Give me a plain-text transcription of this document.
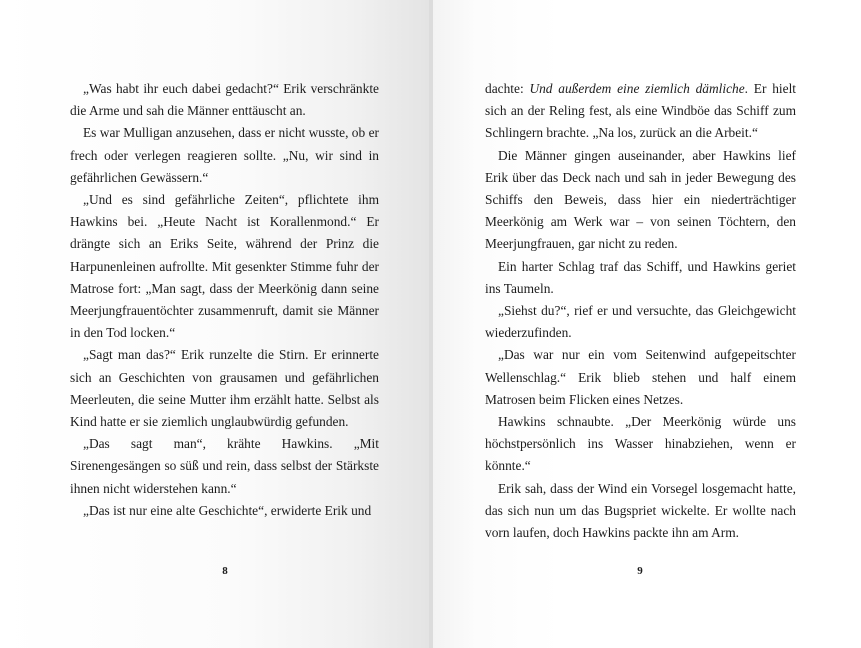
„Was habt ihr euch dabei gedacht?“ Erik verschränkte die Arme und sah die Männer enttäuscht an.

Es war Mulligan anzusehen, dass er nicht wusste, ob er frech oder verlegen reagieren sollte. „Nu, wir sind in gefährlichen Gewässern.“

„Und es sind gefährliche Zeiten“, pflichtete ihm Hawkins bei. „Heute Nacht ist Korallenmond.“ Er drängte sich an Eriks Seite, während der Prinz die Harpunenleinen aufrollte. Mit gesenkter Stimme fuhr der Matrose fort: „Man sagt, dass der Meerkönig dann seine Meerjungfrauentöchter zusammenruft, damit sie Männer in den Tod locken.“

„Sagt man das?“ Erik runzelte die Stirn. Er erinnerte sich an Geschichten von grausamen und gefährlichen Meerleuten, die seine Mutter ihm erzählt hatte. Selbst als Kind hatte er sie ziemlich unglaubwürdig gefunden.

„Das sagt man“, krähte Hawkins. „Mit Sirenengesängen so süß und rein, dass selbst der Stärkste ihnen nicht widerstehen kann.“

„Das ist nur eine alte Geschichte“, erwiderte Erik und

8

dachte: Und außerdem eine ziemlich dämliche. Er hielt sich an der Reling fest, als eine Windböe das Schiff zum Schlingern brachte. „Na los, zurück an die Arbeit.“

Die Männer gingen auseinander, aber Hawkins lief Erik über das Deck nach und sah in jeder Bewegung des Schiffs den Beweis, dass hier ein niederträchtiger Meerkönig am Werk war – von seinen Töchtern, den Meerjungfrauen, gar nicht zu reden.

Ein harter Schlag traf das Schiff, und Hawkins geriet ins Taumeln.

„Siehst du?“, rief er und versuchte, das Gleichgewicht wiederzufinden.

„Das war nur ein vom Seitenwind aufgepeitschter Wellenschlag.“ Erik blieb stehen und half einem Matrosen beim Flicken eines Netzes.

Hawkins schnaubte. „Der Meerkönig würde uns höchstpersönlich ins Wasser hinabziehen, wenn er könnte.“

Erik sah, dass der Wind ein Vorsegel losgemacht hatte, das sich nun um das Bugspriet wickelte. Er wollte nach vorn laufen, doch Hawkins packte ihn am Arm.

9
